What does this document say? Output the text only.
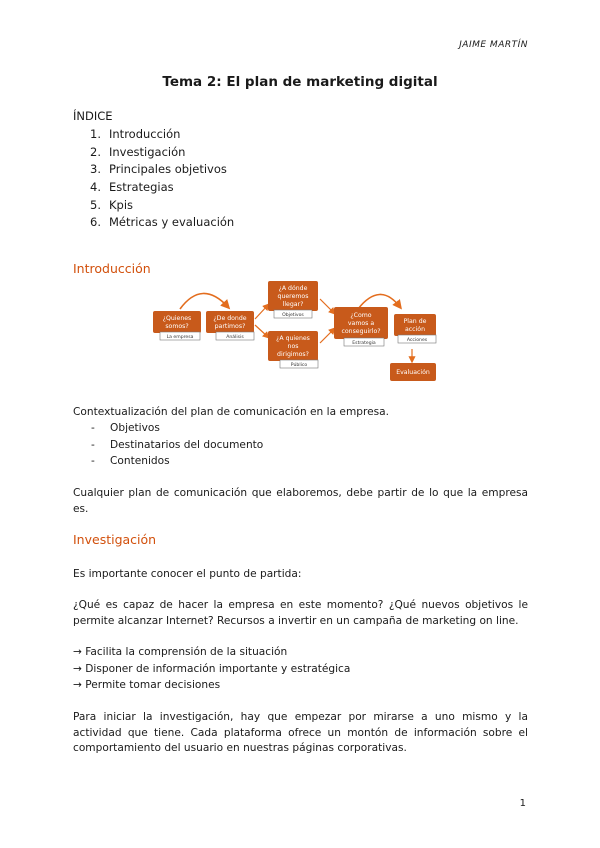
JAIME MARTÍN
Tema 2: El plan de marketing digital
ÍNDICE
1. Introducción
2. Investigación
3. Principales objetivos
4. Estrategias
5. Kpis
6. Métricas y evaluación
Introducción
¿Quienes
somos?
La empresa
¿De donde
partimos?
Análisis
¿A dónde
queremos
llegar?
Objetivos
¿A quienes
nos
dirigimos?
Público
¿Como
vamos a
conseguirlo?
Estrategia
Plan de
acción
Acciones
Evaluación
Contextualización del plan de comunicación en la empresa.
- Objetivos
- Destinatarios del documento
- Contenidos
Cualquier plan de comunicación que elaboremos, debe partir de lo que la empresa es.
Investigación
Es importante conocer el punto de partida:
¿Qué es capaz de hacer la empresa en este momento? ¿Qué nuevos objetivos le permite alcanzar Internet? Recursos a invertir en un campaña de marketing on line.
→ Facilita la comprensión de la situación
→ Disponer de información importante y estratégica
→ Permite tomar decisiones
Para iniciar la investigación, hay que empezar por mirarse a uno mismo y la actividad que tiene. Cada plataforma ofrece un montón de información sobre el comportamiento del usuario en nuestras páginas corporativas.
1
